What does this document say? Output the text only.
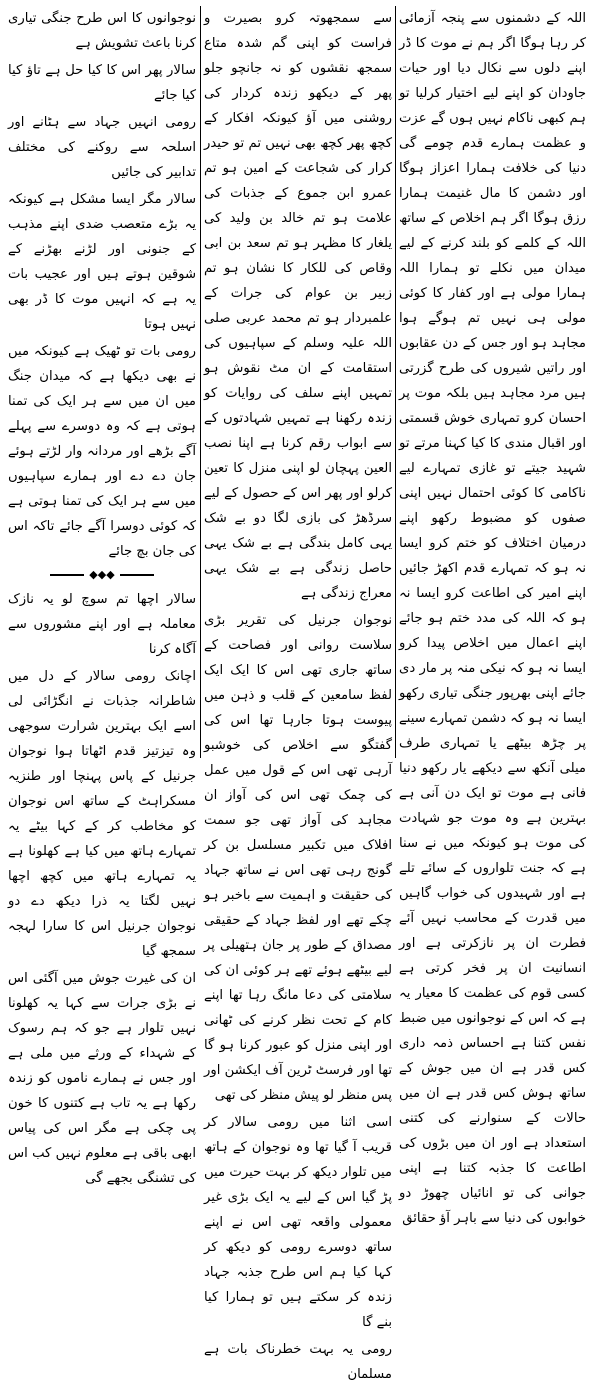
اللہ کے دشمنوں سے پنجہ آزمائی کر رہا ہوگا اگر ہم نے موت کا ڈر اپنے دلوں سے نکال دیا اور حیات جاودان کو اپنے لیے اختیار کرلیا تو ہم کبھی ناکام نہیں ہوں گے عزت و عظمت ہمارے قدم چومے گی دنیا کی خلافت ہمارا اعزاز ہوگا اور دشمن کا مال غنیمت ہمارا رزق ہوگا اگر ہم اخلاص کے ساتھ اللہ کے کلمے کو بلند کرنے کے لیے میدان میں نکلے تو ہمارا اللہ ہمارا مولی ہے اور کفار کا کوئی مولی ہی نہیں تم ہوگے ہوا مجاہد ہو اور جس کے دن عقابوں اور راتیں شیروں کی طرح گزرتی ہیں مرد مجاہد ہیں بلکہ موت پر احسان کرو تمہاری خوش قسمتی اور اقبال مندی کا کیا کہنا مرتے تو شہید جیتے تو غازی تمہارے لیے ناکامی کا کوئی احتمال نہیں اپنی صفوں کو مضبوط رکھو اپنے درمیان اختلاف کو ختم کرو ایسا نہ ہو کہ تمہارے قدم اکھڑ جائیں اپنے امیر کی اطاعت کرو ایسا نہ ہو کہ اللہ کی مدد ختم ہو جائے اپنے اعمال میں اخلاص پیدا کرو ایسا نہ ہو کہ نیکی منہ پر مار دی جائے اپنی بھرپور جنگی تیاری رکھو ایسا نہ ہو کہ دشمن تمہارے سینے پر چڑھ بیٹھے یا تمہاری طرف میلی آنکھ سے دیکھے یار رکھو دنیا فانی ہے موت تو ایک دن آنی ہے بہترین ہے وہ موت جو شہادت کی موت ہو کیونکہ میں نے سنا ہے کہ جنت تلواروں کے سائے تلے ہے اور شہیدوں کی خواب گاہیں میں قدرت کے محاسب نہیں آئے فطرت ان پر نازکرتی ہے اور انسانیت ان پر فخر کرتی ہے کسی قوم کی عظمت کا معیار یہ ہے کہ اس کے نوجوانوں میں ضبط نفس کتنا ہے احساس ذمہ داری کس قدر ہے ان میں جوش کے ساتھ ہوش کس قدر ہے ان میں حالات کے سنوارنے کی کتنی استعداد ہے اور ان میں بڑوں کی اطاعت کا جذبہ کتنا ہے اپنی جوانی کی تو انائیاں چھوڑ دو خوابوں کی دنیا سے باہر آؤ حقائق

سے سمجھوتہ کرو بصیرت و فراست کو اپنی گم شدہ متاع سمجھ نقشوں کو نہ جانچو جلو پھر کے دیکھو زندہ کردار کی روشنی میں آؤ کیونکہ افکار کے کچھ پھر کچھ بھی نہیں تم تو حیدر کرار کی شجاعت کے امین ہو تم عمرو ابن جموع کے جذبات کی علامت ہو تم خالد بن ولید کی یلغار کا مظہر ہو تم سعد بن ابی وقاص کی للکار کا نشان ہو تم زبیر بن عوام کی جرات کے علمبردار ہو تم محمد عربی صلی اللہ علیہ وسلم کے سپاہیوں کی استقامت کے ان مٹ نقوش ہو تمہیں اپنے سلف کی روایات کو زندہ رکھنا ہے تمہیں شہادتوں کے سے ابواب رقم کرنا ہے اپنا نصب العین پہچان لو اپنی منزل کا تعین کرلو اور پھر اس کے حصول کے لیے سرڈھڑ کی بازی لگا دو بے شک یہی کامل بندگی ہے بے شک یہی حاصل زندگی ہے بے شک یہی معراج زندگی ہے

نوجوان جرنیل کی تقریر بڑی سلاست روانی اور فصاحت کے ساتھ جاری تھی اس کا ایک ایک لفظ سامعین کے قلب و ذہن میں پیوست ہوتا جارہا تھا اس کی گفتگو سے اخلاص کی خوشبو آرہی تھی اس کے قول میں عمل کی چمک تھی اس کی آواز ان مجاہد کی آواز تھی جو سمت افلاک میں تکبیر مسلسل بن کر گونج رہی تھی اس نے ساتھ جہاد کی حقیقت و اہمیت سے باخبر ہو چکے تھے اور لفظ جہاد کے حقیقی مصداق کے طور پر جان ہتھیلی پر لیے بیٹھے ہوئے تھے ہر کوئی ان کی سلامتی کی دعا مانگ رہا تھا اپنے کام کے تحت نظر کرنے کی ٹھانی اور اپنی منزل کو عبور کرنا ہو گا تھا اور فرسٹ ٹرین آف ایکشن اور پس منظر لو پیش منظر کی تھی

اسی اثنا میں رومی سالار کر قریب آ گیا تھا وہ نوجوان کے ہاتھ میں تلوار دیکھ کر بہت حیرت میں پڑ گیا اس کے لیے یہ ایک بڑی غیر معمولی واقعہ تھی اس نے اپنے ساتھ دوسرے رومی کو دیکھ کر کہا کیا ہم اس طرح جذبہ جہاد زندہ کر سکتے ہیں تو ہمارا کیا بنے گا

رومی یہ بہت خطرناک بات ہے مسلمان

نوجوانوں کا اس طرح جنگی تیاری کرنا باعث تشویش ہے

سالار پھر اس کا کیا حل ہے تاؤ کیا کیا جائے

رومی انہیں جہاد سے ہٹانے اور اسلحہ سے روکنے کی مختلف تدابیر کی جائیں

سالار مگر ایسا مشکل ہے کیونکہ یہ بڑے متعصب ضدی اپنے مذہب کے جنونی اور لڑنے بھڑنے کے شوقین ہوتے ہیں اور عجیب بات یہ ہے کہ انہیں موت کا ڈر بھی نہیں ہوتا

رومی بات تو ٹھیک ہے کیونکہ میں نے بھی دیکھا ہے کہ میدان جنگ میں ان میں سے ہر ایک کی تمنا ہوتی ہے کہ وہ دوسرے سے پہلے آگے بڑھے اور مردانہ وار لڑتے ہوئے جان دے دے اور ہمارے سپاہیوں میں سے ہر ایک کی تمنا ہوتی ہے کہ کوئی دوسرا آگے جائے تاکہ اس کی جان بچ جائے

◆◆◆

سالار اچھا تم سوچ لو یہ نازک معاملہ ہے اور اپنے مشوروں سے آگاہ کرنا

اچانک رومی سالار کے دل میں شاطرانہ جذبات نے انگڑائی لی اسے ایک بہترین شرارت سوجھی وہ تیزتیز قدم اٹھاتا ہوا نوجوان جرنیل کے پاس پہنچا اور طنزیہ مسکراہٹ کے ساتھ اس نوجوان کو مخاطب کر کے کہا بیٹے یہ تمہارے ہاتھ میں کیا ہے کھلونا ہے یہ تمہارے ہاتھ میں کچھ اچھا نہیں لگتا یہ ذرا دیکھ دے دو نوجوان جرنیل اس کا سارا لہجہ سمجھ گیا

ان کی غیرت جوش میں آگئی اس نے بڑی جرات سے کہا یہ کھلونا نہیں تلوار ہے جو کہ ہم رسوک کے شہداء کے ورثے میں ملی ہے اور جس نے ہمارے ناموں کو زندہ رکھا ہے یہ تاب ہے کتنوں کا خون پی چکی ہے مگر اس کی پیاس ابھی باقی ہے معلوم نہیں کب اس کی تشنگی بجھے گی
